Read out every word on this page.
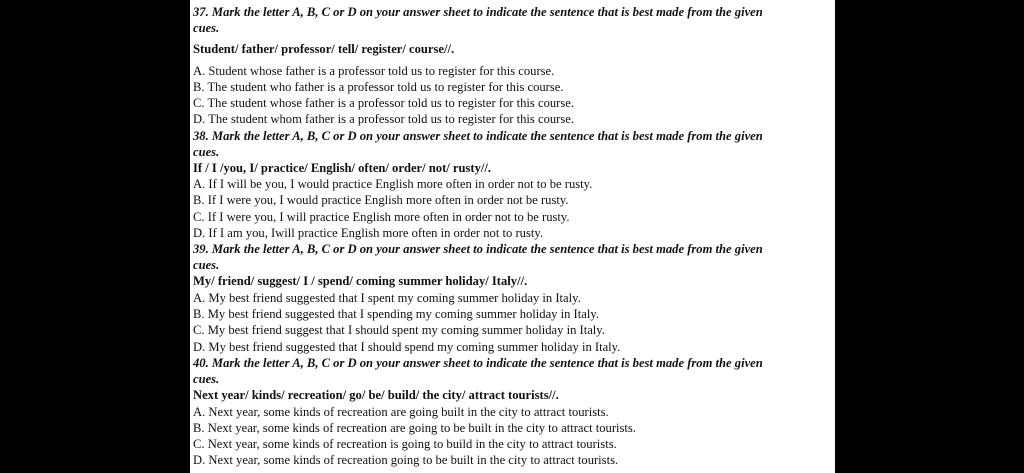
37. Mark the letter A, B, C or D on your answer sheet to indicate the sentence that is best made from the given
cues.
Student/ father/ professor/ tell/ register/ course//.
A. Student whose father is a professor told us to register for this course.
B. The student who father is a professor told us to register for this course.
C. The student whose father is a professor told us to register for this course.
D. The student whom father is a professor told us to register for this course.
38. Mark the letter A, B, C or D on your answer sheet to indicate the sentence that is best made from the given
cues.
If / I /you, I/ practice/ English/ often/ order/ not/ rusty//.
A. If I will be you, I would practice English more often in order not to be rusty.
B. If I were you, I would practice English more often in order not be rusty.
C. If I were you, I will practice English more often in order not to be rusty.
D. If I am you, Iwill practice English more often in order not to rusty.
39. Mark the letter A, B, C or D on your answer sheet to indicate the sentence that is best made from the given
cues.
My/ friend/ suggest/ I / spend/ coming summer holiday/ Italy//.
A. My best friend suggested that I spent my coming summer holiday in Italy.
B. My best friend suggested that I spending my coming summer holiday in Italy.
C. My best friend suggest that I should spent my coming summer holiday in Italy.
D. My best friend suggested that I should spend my coming summer holiday in Italy.
40. Mark the letter A, B, C or D on your answer sheet to indicate the sentence that is best made from the given
cues.
Next year/ kinds/ recreation/ go/ be/ build/ the city/ attract tourists//.
A. Next year, some kinds of recreation are going built in the city to attract tourists.
B. Next year, some kinds of recreation are going to be built in the city to attract tourists.
C. Next year, some kinds of recreation is going to build in the city to attract tourists.
D. Next year, some kinds of recreation going to be built in the city to attract tourists.
